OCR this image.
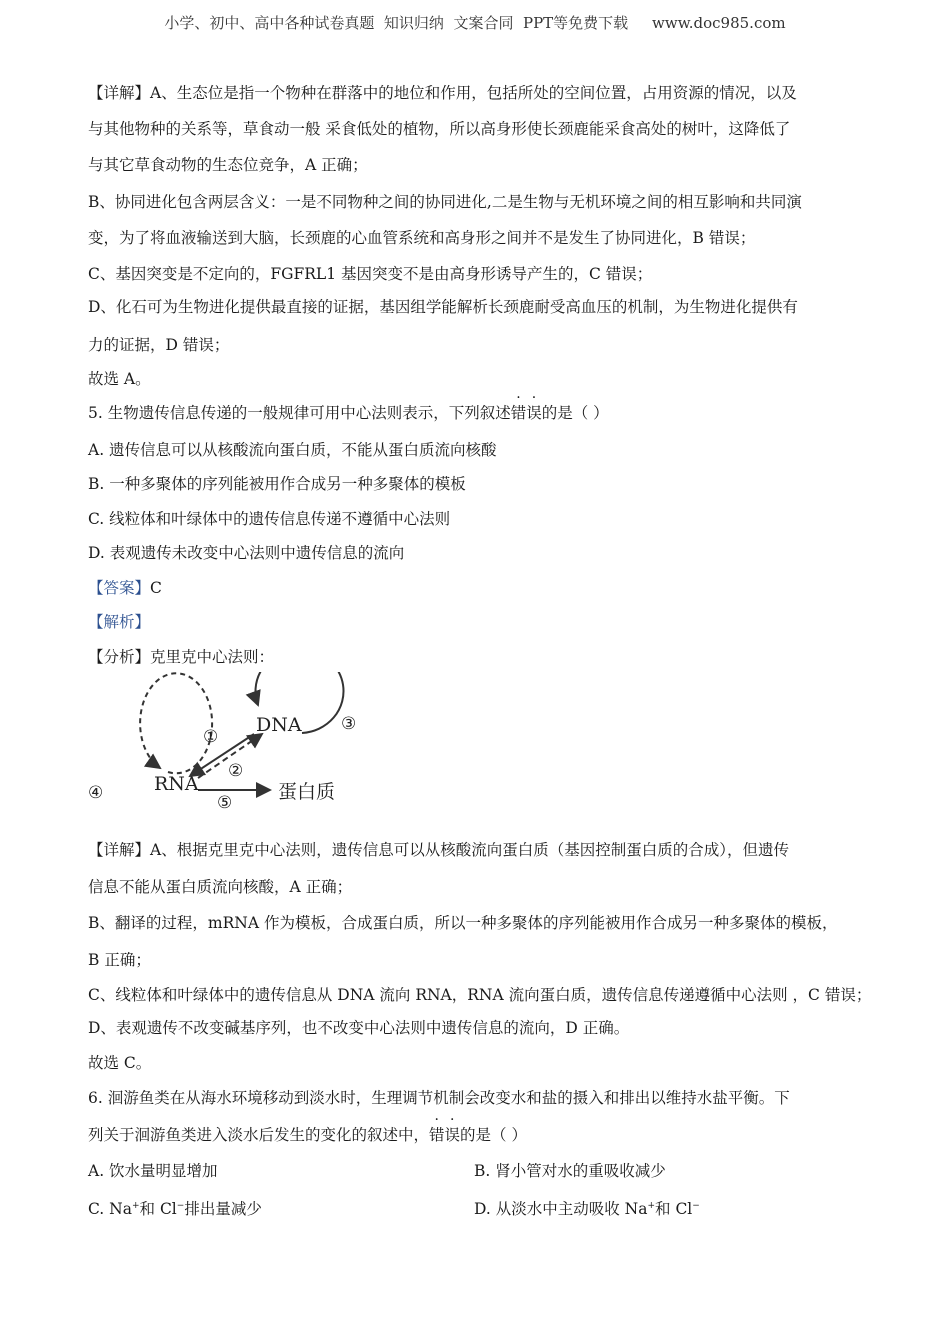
小学、初中、高中各种试卷真题  知识归纳  文案合同  PPT等免费下载     www.doc985.com
【详解】A、生态位是指一个物种在群落中的地位和作用，包括所处的空间位置，占用资源的情况，以及
与其他物种的关系等，草食动一般 采食低处的植物，所以高身形使长颈鹿能采食高处的树叶，这降低了
与其它草食动物的生态位竞争，A 正确；
B、协同进化包含两层含义：一是不同物种之间的协同进化,二是生物与无机环境之间的相互影响和共同演
变，为了将血液输送到大脑，长颈鹿的心血管系统和高身形之间并不是发生了协同进化，B 错误；
C、基因突变是不定向的，FGFRL1 基因突变不是由高身形诱导产生的，C 错误；
D、化石可为生物进化提供最直接的证据，基因组学能解析长颈鹿耐受高血压的机制，为生物进化提供有
力的证据，D 错误；
故选 A。
5. 生物遗传信息传递的一般规律可用中心法则表示，下列叙述错误的是（ ）
A. 遗传信息可以从核酸流向蛋白质，不能从蛋白质流向核酸
B. 一种多聚体的序列能被用作合成另一种多聚体的模板
C. 线粒体和叶绿体中的遗传信息传递不遵循中心法则
D. 表观遗传未改变中心法则中遗传信息的流向
【答案】C
【解析】
【分析】克里克中心法则：
DNA
RNA	蛋白质
①
②
③
④	⑤
【详解】A、根据克里克中心法则，遗传信息可以从核酸流向蛋白质（基因控制蛋白质的合成），但遗传
信息不能从蛋白质流向核酸，A 正确；
B、翻译的过程，mRNA 作为模板，合成蛋白质，所以一种多聚体的序列能被用作合成另一种多聚体的模板，
B 正确；
C、线粒体和叶绿体中的遗传信息从 DNA 流向 RNA，RNA 流向蛋白质，遗传信息传递遵循中心法则 ，C 错误；
D、表观遗传不改变碱基序列，也不改变中心法则中遗传信息的流向，D 正确。
故选 C。
6. 洄游鱼类在从海水环境移动到淡水时，生理调节机制会改变水和盐的摄入和排出以维持水盐平衡。下
列关于洄游鱼类进入淡水后发生的变化的叙述中，错误的是（ ）
A. 饮水量明显增加	B. 肾小管对水的重吸收减少
C. Na+和 Cl−排出量减少	D. 从淡水中主动吸收 Na+和 Cl−
